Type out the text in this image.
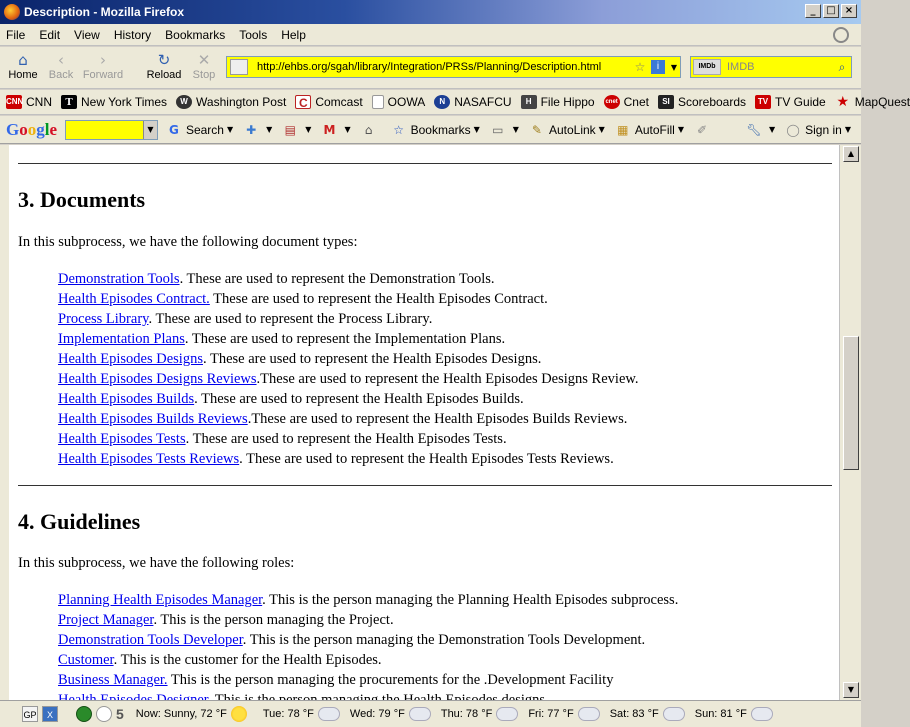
Description - Mozilla Firefox	_	□ ×
File Edit View History Bookmarks Tools Help
⌂
Home
‹
Back
›
Forward
↻
Reload
✕
Stop
http://ehbs.org/sgah/library/Integration/PRSs/Planning/Description.html	☆	i	▼	IMDb	IMDB	⌕
CNN CNN	T New York Times	W Washington Post	C Comcast OOWA	N NASAFCU	H File Hippo	cnet Cnet	SI Scoreboards	TV TV Guide ★ MapQuest
Google	▼ G Search ▼ ✚	▼ ▤ ▼ M ▼	⌂	☆ Bookmarks ▼ ▭ ▼ ✎ AutoLink ▼ ▦ AutoFill ▼ ✐	🔧︎ ▼ ◯ Sign in ▼
3. Documents
In this subprocess, we have the following document types:
Demonstration Tools. These are used to represent the Demonstration Tools.
Health Episodes Contract. These are used to represent the Health Episodes Contract.
Process Library. These are used to represent the Process Library.
Implementation Plans. These are used to represent the Implementation Plans.
Health Episodes Designs. These are used to represent the Health Episodes Designs.
Health Episodes Designs Reviews.These are used to represent the Health Episodes Designs Review.
Health Episodes Builds. These are used to represent the Health Episodes Builds.
Health Episodes Builds Reviews.These are used to represent the Health Episodes Builds Reviews.
Health Episodes Tests. These are used to represent the Health Episodes Tests.
Health Episodes Tests Reviews. These are used to represent the Health Episodes Tests Reviews.
4. Guidelines
In this subprocess, we have the following roles:
Planning Health Episodes Manager. This is the person managing the Planning Health Episodes subprocess.
Project Manager. This is the person managing the Project.
Demonstration Tools Developer. This is the person managing the Demonstration Tools Development.
Customer. This is the customer for the Health Episodes.
Business Manager. This is the person managing the procurements for the .Development Facility
▲
▼
GP	X	5 Now: Sunny, 72 °F	Tue: 78 °F	Wed: 79 °F	Thu: 78 °F	Fri: 77 °F	Sat: 83 °F	Sun: 81 °F
